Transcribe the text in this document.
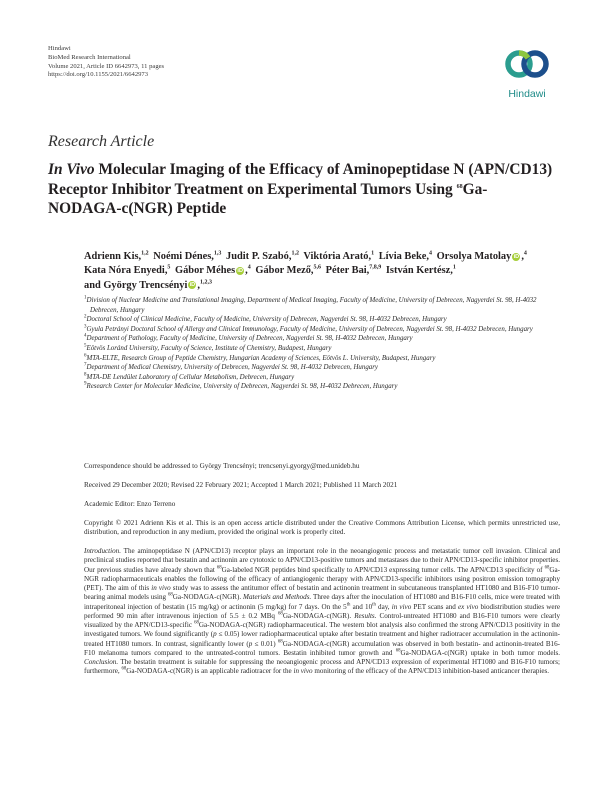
Hindawi
BioMed Research International
Volume 2021, Article ID 6642973, 11 pages
https://doi.org/10.1155/2021/6642973
Hindawi
Research Article
In Vivo Molecular Imaging of the Efficacy of Aminopeptidase N (APN/CD13) Receptor Inhibitor Treatment on Experimental Tumors Using $^{68}$Ga-NODAGA-c(NGR) Peptide
Adrienn Kis,$^{1,2}$ Noémi Dénes,$^{1,3}$ Judit P. Szabó,$^{1,2}$ Viktória Arató,$^1$ Lívia Beke,$^4$ Orsolya Matolay iD ,$^4$ Kata Nóra Enyedi,$^5$ Gábor Méhes iD ,$^4$ Gábor Mező,$^{5,6}$ Péter Bai,$^{7,8,9}$ István Kertész,$^1$ and György Trencsényi iD ,$^{1,2,3}$
$^1$Division of Nuclear Medicine and Translational Imaging, Department of Medical Imaging, Faculty of Medicine, University of Debrecen, Nagyerdei St. 98, H-4032 Debrecen, Hungary
$^2$Doctoral School of Clinical Medicine, Faculty of Medicine, University of Debrecen, Nagyerdei St. 98, H-4032 Debrecen, Hungary
$^3$Gyula Petrányi Doctoral School of Allergy and Clinical Immunology, Faculty of Medicine, University of Debrecen, Nagyerdei St. 98, H-4032 Debrecen, Hungary
$^4$Department of Pathology, Faculty of Medicine, University of Debrecen, Nagyerdei St. 98, H-4032 Debrecen, Hungary
$^5$Eötvös Loránd University, Faculty of Science, Institute of Chemistry, Budapest, Hungary
$^6$MTA-ELTE, Research Group of Peptide Chemistry, Hungarian Academy of Sciences, Eötvös L. University, Budapest, Hungary
$^7$Department of Medical Chemistry, University of Debrecen, Nagyerdei St. 98, H-4032 Debrecen, Hungary
$^8$MTA-DE Lendület Laboratory of Cellular Metabolism, Debrecen, Hungary
$^9$Research Center for Molecular Medicine, University of Debrecen, Nagyerdei St. 98, H-4032 Debrecen, Hungary
Correspondence should be addressed to György Trencsényi; trencsenyi.gyorgy@med.unideb.hu
Received 29 December 2020; Revised 22 February 2021; Accepted 1 March 2021; Published 11 March 2021
Academic Editor: Enzo Terreno
Copyright © 2021 Adrienn Kis et al. This is an open access article distributed under the Creative Commons Attribution License, which permits unrestricted use, distribution, and reproduction in any medium, provided the original work is properly cited.
Introduction. The aminopeptidase N (APN/CD13) receptor plays an important role in the neoangiogenic process and metastatic tumor cell invasion. Clinical and preclinical studies reported that bestatin and actinonin are cytotoxic to APN/CD13-positive tumors and metastases due to their APN/CD13-specific inhibitor properties. Our previous studies have already shown that $^{68}$Ga-labeled NGR peptides bind specifically to APN/CD13 expressing tumor cells. The APN/CD13 specificity of $^{68}$Ga-NGR radiopharmaceuticals enables the following of the efficacy of antiangiogenic therapy with APN/CD13-specific inhibitors using positron emission tomography (PET). The aim of this in vivo study was to assess the antitumor effect of bestatin and actinonin treatment in subcutaneous transplanted HT1080 and B16-F10 tumor-bearing animal models using $^{68}$Ga-NODAGA-c(NGR). Materials and Methods. Three days after the inoculation of HT1080 and B16-F10 cells, mice were treated with intraperitoneal injection of bestatin (15 mg/kg) or actinonin (5 mg/kg) for 7 days. On the 5th and 10th day, in vivo PET scans and ex vivo biodistribution studies were performed 90 min after intravenous injection of 5.5 ± 0.2 MBq $^{68}$Ga-NODAGA-c(NGR). Results. Control-untreated HT1080 and B16-F10 tumors were clearly visualized by the APN/CD13-specific $^{68}$Ga-NODAGA-c(NGR) radiopharmaceutical. The western blot analysis also confirmed the strong APN/CD13 positivity in the investigated tumors. We found significantly (p ≤ 0.05) lower radiopharmaceutical uptake after bestatin treatment and higher radiotracer accumulation in the actinonin-treated HT1080 tumors. In contrast, significantly lower (p ≤ 0.01) $^{68}$Ga-NODAGA-c(NGR) accumulation was observed in both bestatin- and actinonin-treated B16-F10 melanoma tumors compared to the untreated-control tumors. Bestatin inhibited tumor growth and $^{68}$Ga-NODAGA-c(NGR) uptake in both tumor models. Conclusion. The bestatin treatment is suitable for suppressing the neoangiogenic process and APN/CD13 expression of experimental HT1080 and B16-F10 tumors; furthermore, $^{68}$Ga-NODAGA-c(NGR) is an applicable radiotracer for the in vivo monitoring of the efficacy of the APN/CD13 inhibition-based anticancer therapies.
